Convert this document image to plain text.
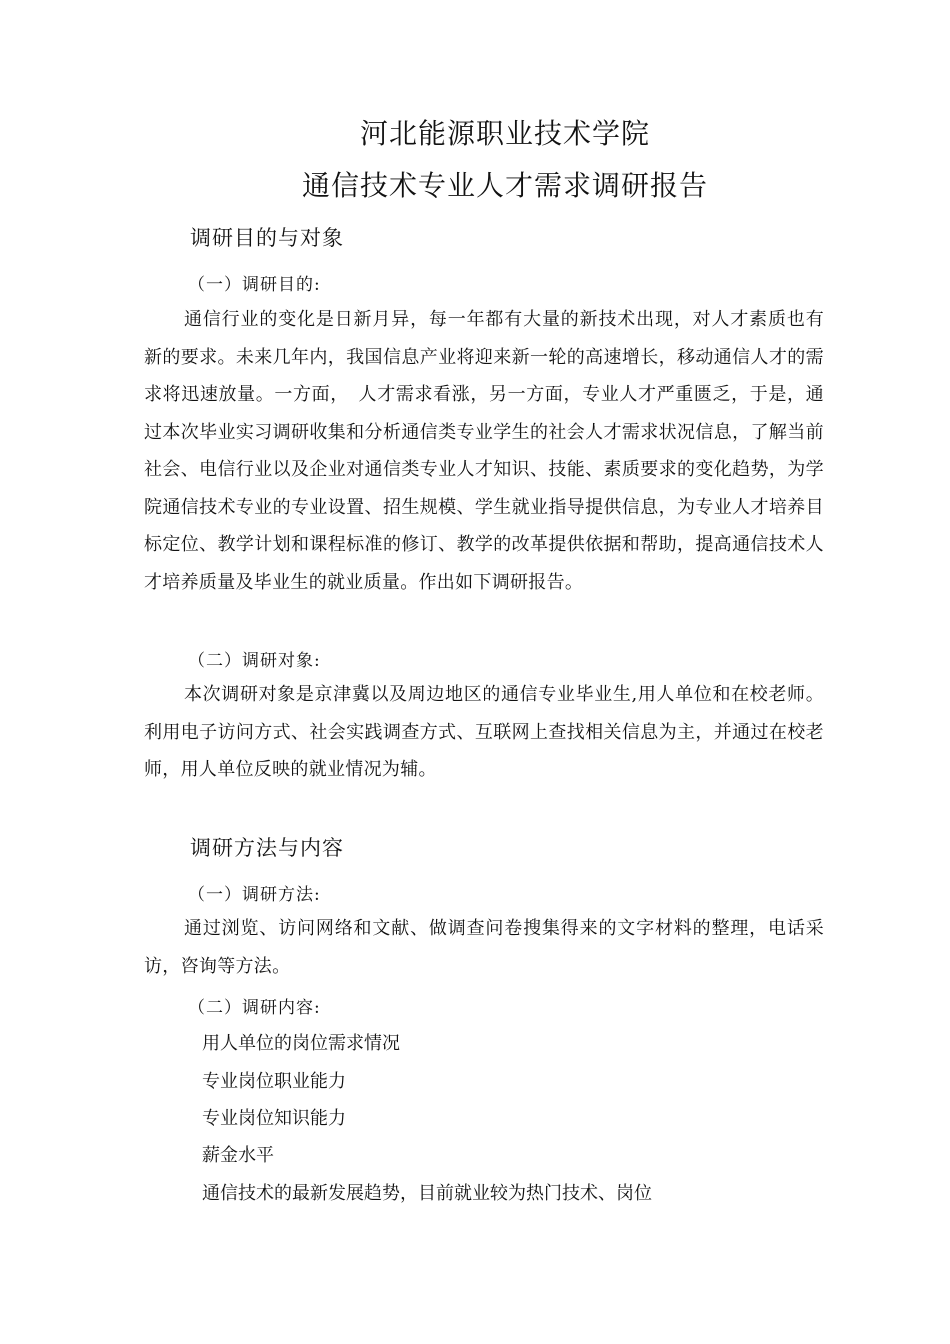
河北能源职业技术学院
通信技术专业人才需求调研报告
调研目的与对象
（一）调研目的:
通信行业的变化是日新月异，每一年都有大量的新技术出现，对人才素质也有新的要求。未来几年内，我国信息产业将迎来新一轮的高速增长，移动通信人才的需求将迅速放量。一方面，　人才需求看涨，另一方面，专业人才严重匮乏，于是，通过本次毕业实习调研收集和分析通信类专业学生的社会人才需求状况信息，了解当前社会、电信行业以及企业对通信类专业人才知识、技能、素质要求的变化趋势，为学院通信技术专业的专业设置、招生规模、学生就业指导提供信息，为专业人才培养目标定位、教学计划和课程标准的修订、教学的改革提供依据和帮助，提高通信技术人才培养质量及毕业生的就业质量。作出如下调研报告。
（二）调研对象:
本次调研对象是京津冀以及周边地区的通信专业毕业生,用人单位和在校老师。利用电子访问方式、社会实践调查方式、互联网上查找相关信息为主，并通过在校老师，用人单位反映的就业情况为辅。
调研方法与内容
（一）调研方法:
通过浏览、访问网络和文献、做调查问卷搜集得来的文字材料的整理，电话采访，咨询等方法。
（二）调研内容:
用人单位的岗位需求情况
专业岗位职业能力
专业岗位知识能力
薪金水平
通信技术的最新发展趋势，目前就业较为热门技术、岗位
